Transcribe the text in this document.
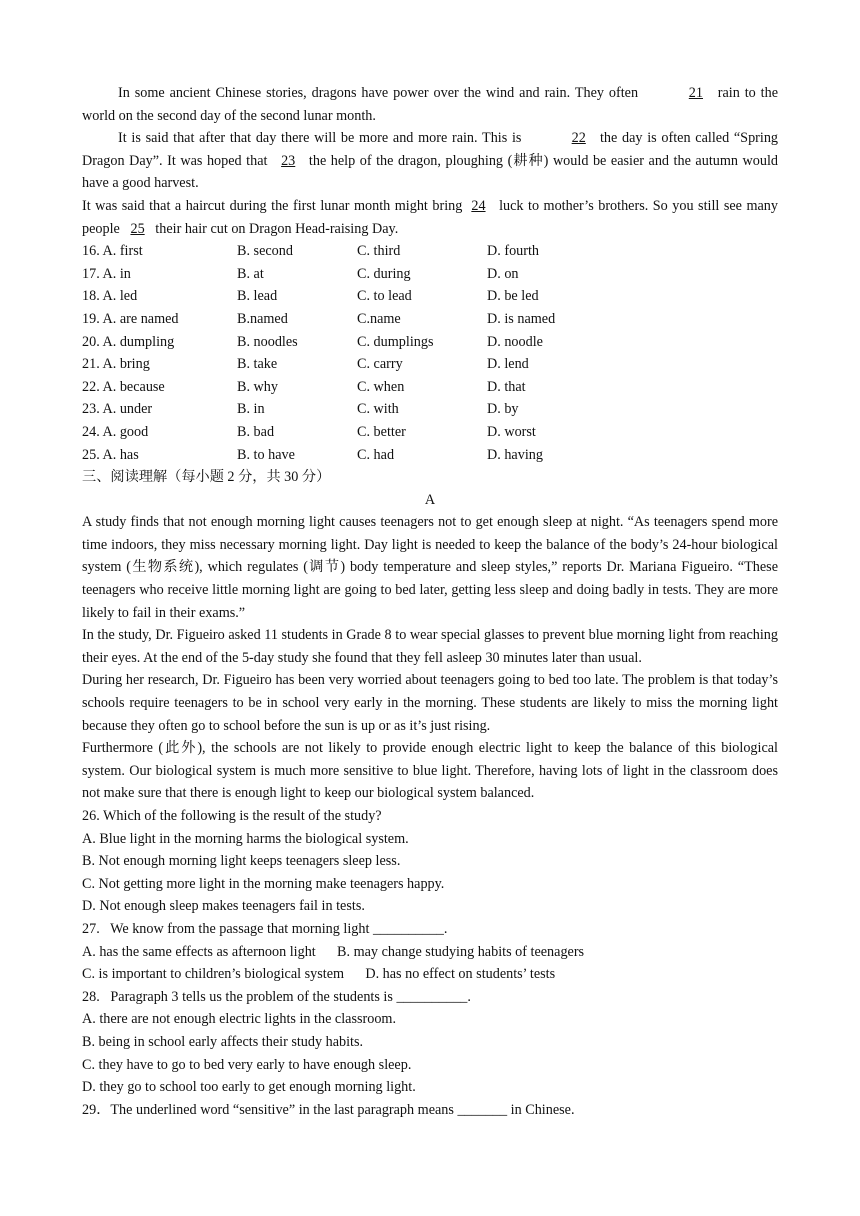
In some ancient Chinese stories, dragons have power over the wind and rain. They often	21 rain to the world on the second day of the second lunar month.

It is said that after that day there will be more and more rain. This is	22 the day is often called “Spring Dragon Day”. It was hoped that 23 the help of the dragon, ploughing (耕种) would be easier and the autumn would have a good harvest.

It was said that a haircut during the first lunar month might bring 24 luck to mother’s brothers. So you still see many people 25 their hair cut on Dragon Head-raising Day.

16. A. first	B. second	C. third	D. fourth
17. A. in	B. at	C. during	D. on
18. A. led	B. lead	C. to lead	D. be led
19. A. are named	B.named	C.name	D. is named
20. A. dumpling	B. noodles	C. dumplings	D. noodle
21. A. bring	B. take	C. carry	D. lend
22. A. because	B. why	C. when	D. that
23. A. under	B. in	C. with	D. by
24. A. good	B. bad	C. better	D. worst
25. A. has	B. to have	C. had	D. having

三、阅读理解（每小题 2 分，共 30 分）

A

A study finds that not enough morning light causes teenagers not to get enough sleep at night. “As teenagers spend more time indoors, they miss necessary morning light. Day light is needed to keep the balance of the body’s 24-hour biological system (生物系统), which regulates (调节) body temperature and sleep styles,” reports Dr. Mariana Figueiro. “These teenagers who receive little morning light are going to bed later, getting less sleep and doing badly in tests. They are more likely to fail in their exams.”

In the study, Dr. Figueiro asked 11 students in Grade 8 to wear special glasses to prevent blue morning light from reaching their eyes. At the end of the 5-day study she found that they fell asleep 30 minutes later than usual.

During her research, Dr. Figueiro has been very worried about teenagers going to bed too late. The problem is that today’s schools require teenagers to be in school very early in the morning. These students are likely to miss the morning light because they often go to school before the sun is up or as it’s just rising.

Furthermore (此外), the schools are not likely to provide enough electric light to keep the balance of this biological system. Our biological system is much more sensitive to blue light. Therefore, having lots of light in the classroom does not make sure that there is enough light to keep our biological system balanced.

26. Which of the following is the result of the study?

A. Blue light in the morning harms the biological system.

B. Not enough morning light keeps teenagers sleep less.

C. Not getting more light in the morning make teenagers happy.

D. Not enough sleep makes teenagers fail in tests.

27.   We know from the passage that morning light __________.

A. has the same effects as afternoon light B. may change studying habits of teenagers

C. is important to children’s biological system D. has no effect on students’ tests

28.   Paragraph 3 tells us the problem of the students is __________.

A. there are not enough electric lights in the classroom.

B. being in school early affects their study habits.

C. they have to go to bed very early to have enough sleep.

D. they go to school too early to get enough morning light.

29．The underlined word “sensitive” in the last paragraph means _______ in Chinese.
